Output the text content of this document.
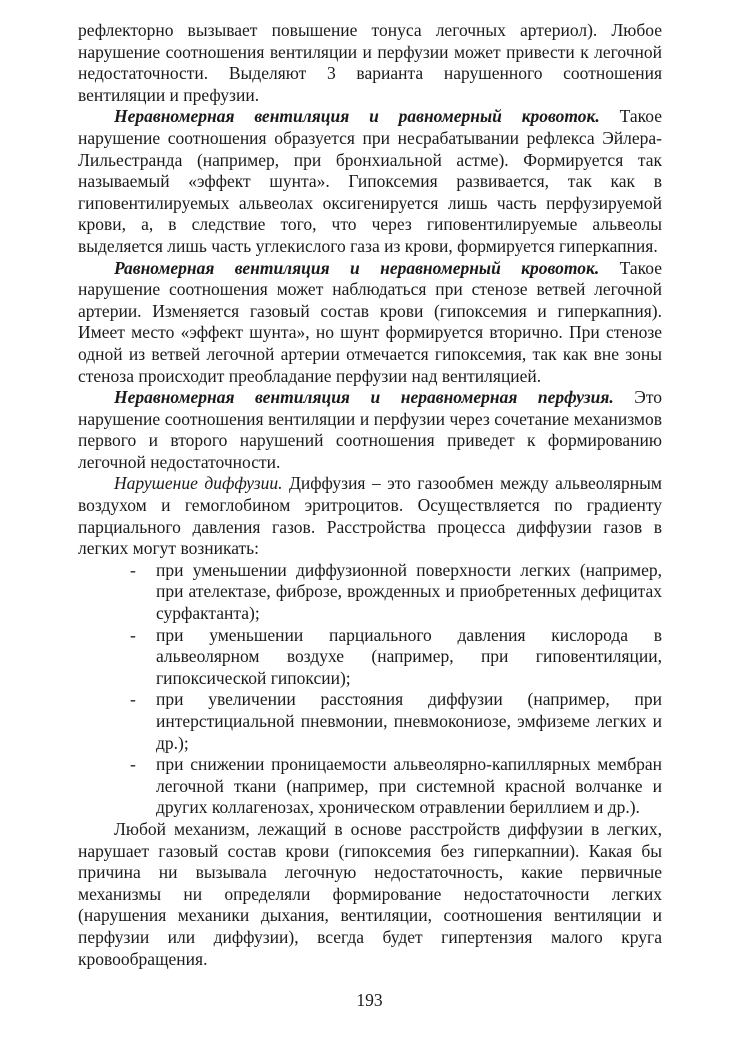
рефлекторно вызывает повышение тонуса легочных артериол). Любое нарушение соотношения вентиляции и перфузии может привести к легочной недостаточности. Выделяют 3 варианта нарушенного соотношения вентиляции и префузии.

Неравномерная вентиляция и равномерный кровоток. Такое нарушение соотношения образуется при несрабатывании рефлекса Эйлера-Лильестранда (например, при бронхиальной астме). Формируется так называемый «эффект шунта». Гипоксемия развивается, так как в гиповентилируемых альвеолах оксигенируется лишь часть перфузируемой крови, а, в следствие того, что через гиповентилируемые альвеолы выделяется лишь часть углекислого газа из крови, формируется гиперкапния.

Равномерная вентиляция и неравномерный кровоток. Такое нарушение соотношения может наблюдаться при стенозе ветвей легочной артерии. Изменяется газовый состав крови (гипоксемия и гиперкапния). Имеет место «эффект шунта», но шунт формируется вторично. При стенозе одной из ветвей легочной артерии отмечается гипоксемия, так как вне зоны стеноза происходит преобладание перфузии над вентиляцией.

Неравномерная вентиляция и неравномерная перфузия. Это нарушение соотношения вентиляции и перфузии через сочетание механизмов первого и второго нарушений соотношения приведет к формированию легочной недостаточности.

Нарушение диффузии. Диффузия – это газообмен между альвеолярным воздухом и гемоглобином эритроцитов. Осуществляется по градиенту парциального давления газов. Расстройства процесса диффузии газов в легких могут возникать:

- при уменьшении диффузионной поверхности легких (например, при ателектазе, фиброзе, врожденных и приобретенных дефицитах сурфактанта);
- при уменьшении парциального давления кислорода в альвеолярном воздухе (например, при гиповентиляции, гипоксической гипоксии);
- при увеличении расстояния диффузии (например, при интерстициальной пневмонии, пневмокониозе, эмфиземе легких и др.);
- при снижении проницаемости альвеолярно-капиллярных мембран легочной ткани (например, при системной красной волчанке и других коллагенозах, хроническом отравлении бериллием и др.).

Любой механизм, лежащий в основе расстройств диффузии в легких, нарушает газовый состав крови (гипоксемия без гиперкапнии). Какая бы причина ни вызывала легочную недостаточность, какие первичные механизмы ни определяли формирование недостаточности легких (нарушения механики дыхания, вентиляции, соотношения вентиляции и перфузии или диффузии), всегда будет гипертензия малого круга кровообращения.

193
